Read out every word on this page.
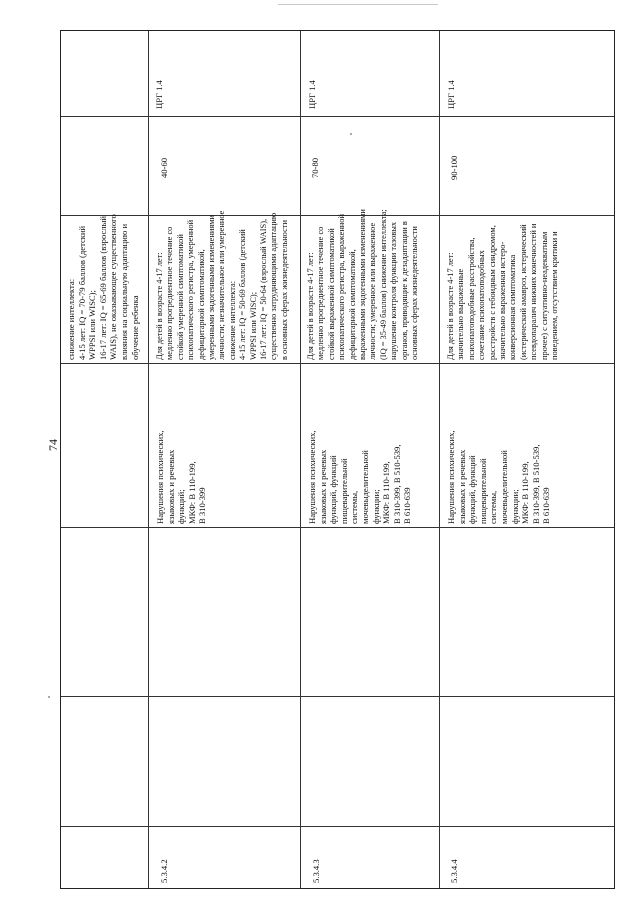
74
снижение интеллекта:
4-15 лет: IQ = 70-79 баллов (детский
WPPSI или WISC);
16-17 лет: IQ = 65-69 баллов (взрослый
WAIS), не оказывающее существенного
влияния на социальную адаптацию и
обучение ребенка
ЦРГ 1.4
40-60
Для детей в возрасте 4-17 лет:
медленно прогредиентное течение со
стойкой умеренной симптоматикой
психопатического регистра, умеренной
дефицитарной симптоматикой,
умеренными эндогенными изменениями
личности; незначительное или умеренное
снижение интеллекта:
4-15 лет: IQ = 50-69 баллов (детский
WPPSI или WISC);
16-17 лет: IQ = 50-64 (взрослый WAIS),
существенно затрудняющими адаптацию
в основных сферах жизнедеятельности
Нарушения психических,
языковых и речевых
функций;
МКФ: В 110-199,
В 310-399
5.3.4.2
ЦРГ 1.4
70-80
Для детей в возрасте 4-17 лет:
медленно прогредиентное течение со
стойкой выраженной симптоматикой
психопатического регистра, выраженной
дефицитарной симптоматикой,
выраженными эндогенными изменениями
личности; умеренное или выраженное
(IQ = 35-49 баллов) снижение интеллекта;
нарушение контроля функции тазовых
органов, приводящие к дезадаптации в
основных сферах жизнедеятельности
Нарушения психических,
языковых и речевых
функций, функций
пищеварительной
системы,
мочевыделительной
функции;
МКФ: В 110-199,
В 310-399, В 510-539,
В 610-639
5.3.4.3
ЦРГ 1.4
90-100
Для детей в возрасте 4-17 лет:
значительно выраженные
психопатоподобные расстройства,
сочетание психопатоподобных
расстройств с гебоидным синдромом,
значительно выраженная истеро-
конверсионная симптоматика
(истерический амавроз, истерический
псевдопаралич нижних конечностей и
прочее) с ситуативно-неадекватным
поведением, отсутствием критики и
Нарушения психических,
языковых и речевых
функций, функций
пищеварительной
системы,
мочевыделительной
функции;
МКФ: В 110-199,
В 310-399, В 510-539,
В 610-639
5.3.4.4
